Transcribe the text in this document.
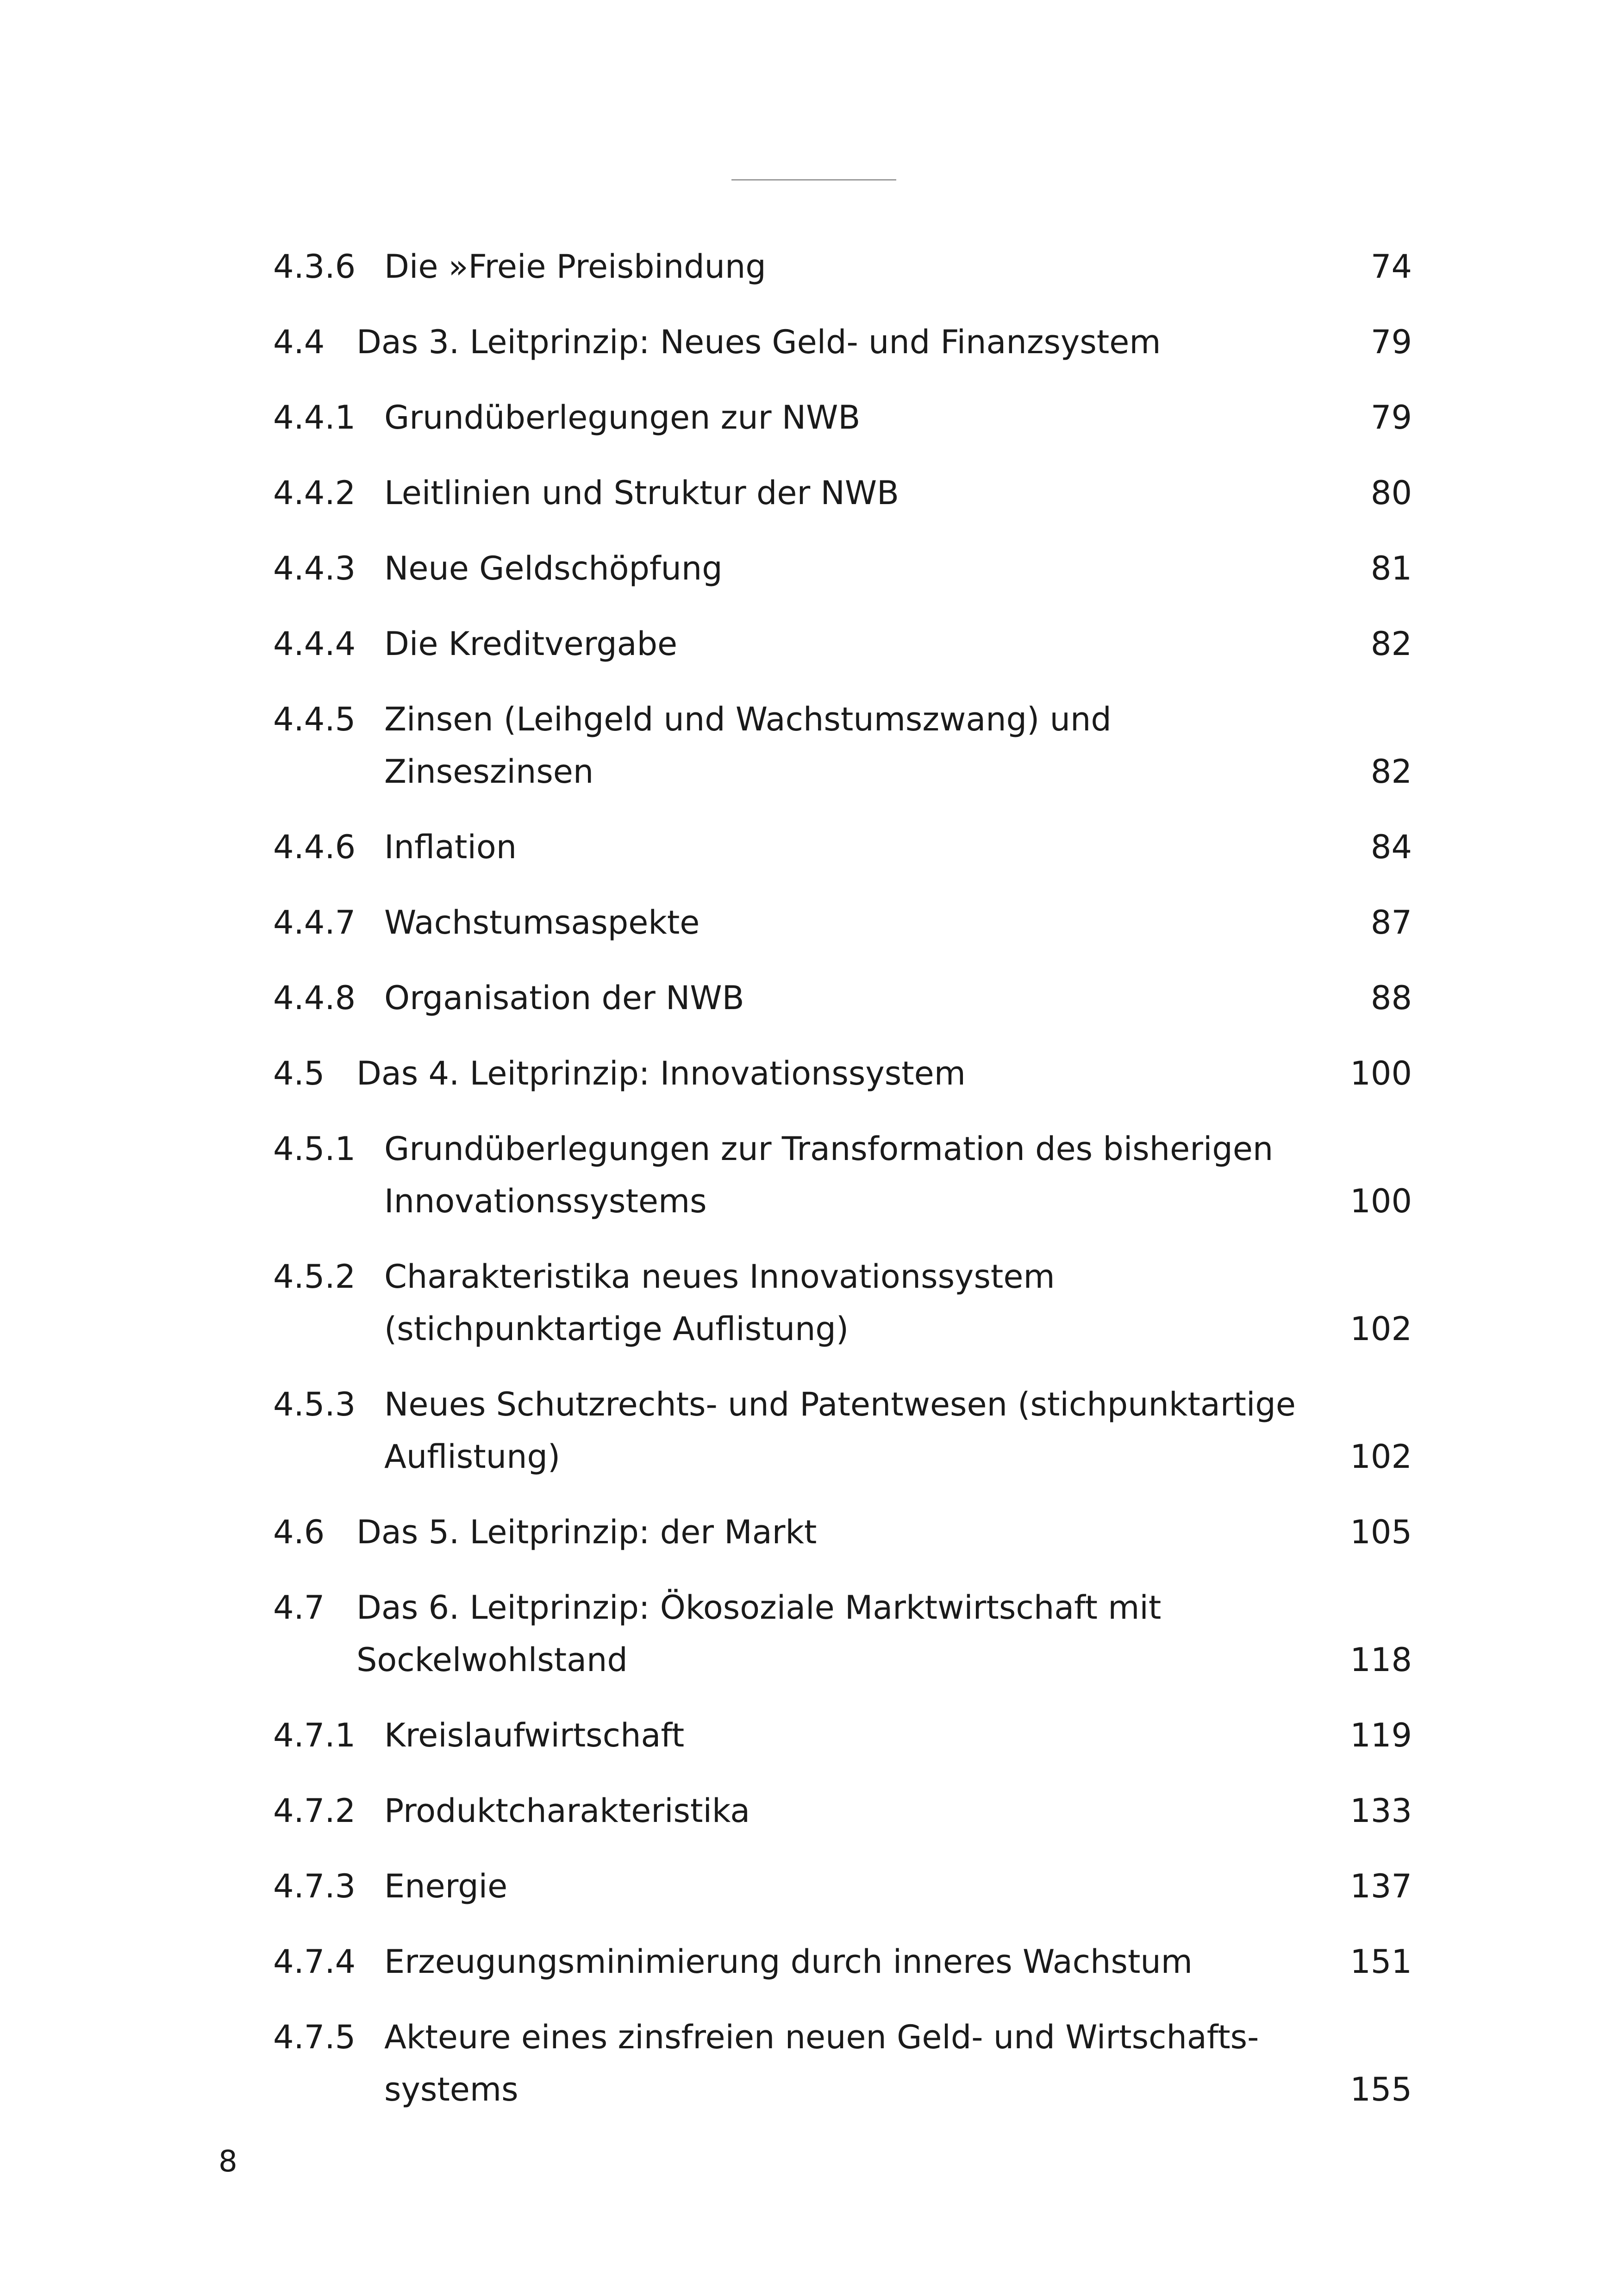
4.3.6 Die »Freie Preisbindung	74
4.4 Das 3. Leitprinzip: Neues Geld- und Finanzsystem	79
4.4.1 Grundüberlegungen zur NWB	79
4.4.2 Leitlinien und Struktur der NWB	80
4.4.3 Neue Geldschöpfung	81
4.4.4 Die Kreditvergabe	82
4.4.5 Zinsen (Leihgeld und Wachstumszwang) und Zinseszinsen	82
4.4.6 Inflation	84
4.4.7 Wachstumsaspekte	87
4.4.8 Organisation der NWB	88
4.5 Das 4. Leitprinzip: Innovationssystem	100
4.5.1 Grundüberlegungen zur Transformation des bisherigen Innovationssystems	100
4.5.2 Charakteristika neues Innovationssystem (stichpunktartige Auflistung)	102
4.5.3 Neues Schutzrechts- und Patentwesen (stichpunktartige Auflistung)	102
4.6 Das 5. Leitprinzip: der Markt	105
4.7 Das 6. Leitprinzip: Ökosoziale Marktwirtschaft mit Sockelwohlstand	118
4.7.1 Kreislaufwirtschaft	119
4.7.2 Produktcharakteristika	133
4.7.3 Energie	137
4.7.4 Erzeugungsminimierung durch inneres Wachstum	151
4.7.5 Akteure eines zinsfreien neuen Geld- und Wirtschafts-systems	155
8
